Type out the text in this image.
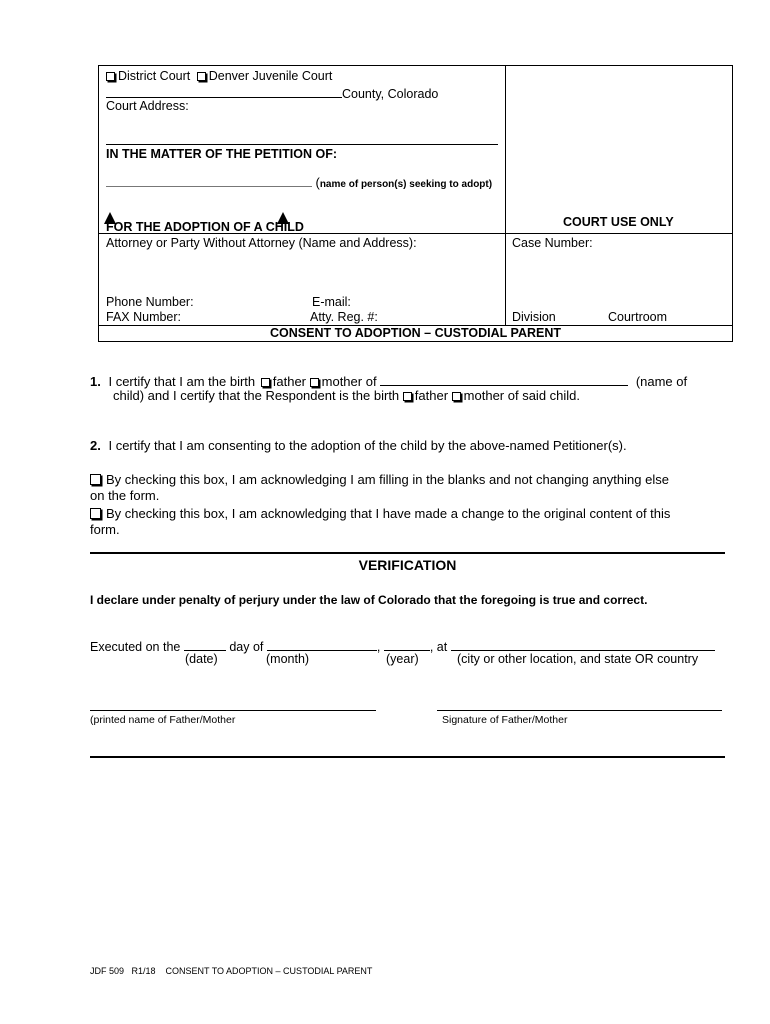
District Court Denver Juvenile Court
County, Colorado
Court Address:
IN THE MATTER OF THE PETITION OF:
(name of person(s) seeking to adopt)
FOR THE ADOPTION OF A CHILD	COURT USE ONLY
Attorney or Party Without Attorney (Name and Address):	Case Number:
Phone Number:	E-mail:
FAX Number:	Atty. Reg. #:	Division	Courtroom
CONSENT TO ADOPTION – CUSTODIAL PARENT
1. I certify that I am the birth father mother of	(name of
child) and I certify that the Respondent is the birth father mother of said child.
2. I certify that I am consenting to the adoption of the child by the above-named Petitioner(s).

By checking this box, I am acknowledging I am filling in the blanks and not changing anything else

on the form.

By checking this box, I am acknowledging that I have made a change to the original content of this

form.

VERIFICATION
I declare under penalty of perjury under the law of Colorado that the foregoing is true and correct.
Executed on the	day of	,	, at
(date)	(month)	(year)	(city or other location, and state OR country
(printed name of Father/Mother	Signature of Father/Mother
JDF 509   R1/18    CONSENT TO ADOPTION – CUSTODIAL PARENT
